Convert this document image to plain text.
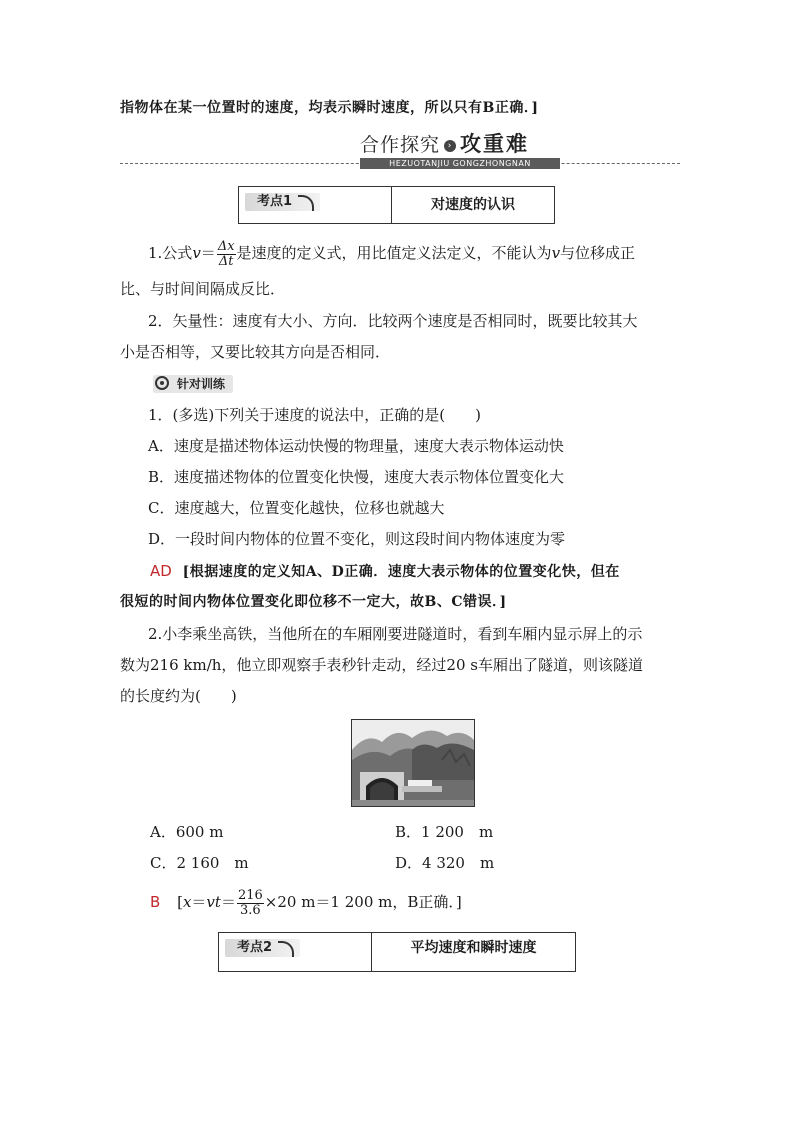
指物体在某一位置时的速度，均表示瞬时速度，所以只有B正确．]
合作探究 › 攻重难
HEZUOTANJIU GONGZHONGNAN
考点1	对速度的认识
1.公式$v= \frac{\Delta x}{\Delta t}$ 是速度的定义式，用比值定义法定义，不能认为v与位移成正
比、与时间间隔成反比．
2．矢量性：速度有大小、方向．比较两个速度是否相同时，既要比较其大
小是否相等，又要比较其方向是否相同．
针对训练
1．(多选)下列关于速度的说法中，正确的是(　　)
A．速度是描述物体运动快慢的物理量，速度大表示物体运动快
B．速度描述物体的位置变化快慢，速度大表示物体位置变化大
C．速度越大，位置变化越快，位移也就越大
D．一段时间内物体的位置不变化，则这段时间内物体速度为零
AD [根据速度的定义知A、D正确．速度大表示物体的位置变化快，但在
很短的时间内物体位置变化即位移不一定大，故B、C错误．]
2.小李乘坐高铁，当他所在的车厢刚要进隧道时，看到车厢内显示屏上的示
数为216 km/h，他立即观察手表秒针走动，经过20 s车厢出了隧道，则该隧道
的长度约为(　　)
A．600 m	B．1 200　m
C．2 160　m	D．4 320　m
B [$x=vt= \frac{216}{3.6} \times 20$ m＝1 200 m，B正确．]
考点2	平均速度和瞬时速度
